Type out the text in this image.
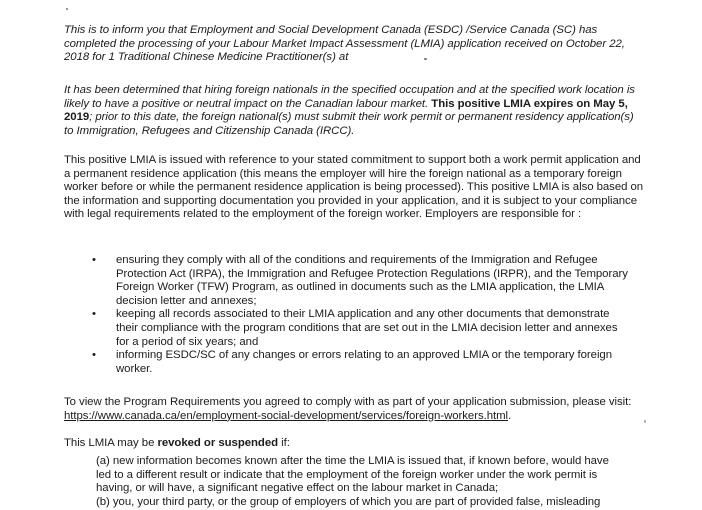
This is to inform you that Employment and Social Development Canada (ESDC) /Service Canada (SC) has completed the processing of your Labour Market Impact Assessment (LMIA) application received on October 22, 2018 for 1 Traditional Chinese Medicine Practitioner(s) at

It has been determined that hiring foreign nationals in the specified occupation and at the specified work location is likely to have a positive or neutral impact on the Canadian labour market. This positive LMIA expires on May 5, 2019; prior to this date, the foreign national(s) must submit their work permit or permanent residency application(s) to Immigration, Refugees and Citizenship Canada (IRCC).

This positive LMIA is issued with reference to your stated commitment to support both a work permit application and a permanent residence application (this means the employer will hire the foreign national as a temporary foreign worker before or while the permanent residence application is being processed). This positive LMIA is also based on the information and supporting documentation you provided in your application, and it is subject to your compliance with legal requirements related to the employment of the foreign worker. Employers are responsible for :

• ensuring they comply with all of the conditions and requirements of the Immigration and Refugee Protection Act (IRPA), the Immigration and Refugee Protection Regulations (IRPR), and the Temporary Foreign Worker (TFW) Program, as outlined in documents such as the LMIA application, the LMIA decision letter and annexes;
• keeping all records associated to their LMIA application and any other documents that demonstrate their compliance with the program conditions that are set out in the LMIA decision letter and annexes for a period of six years; and
• informing ESDC/SC of any changes or errors relating to an approved LMIA or the temporary foreign worker.

To view the Program Requirements you agreed to comply with as part of your application submission, please visit: https://www.canada.ca/en/employment-social-development/services/foreign-workers.html.

This LMIA may be revoked or suspended if:

(a) new information becomes known after the time the LMIA is issued that, if known before, would have led to a different result or indicate that the employment of the foreign worker under the work permit is having, or will have, a significant negative effect on the labour market in Canada;

(b) you, your third party, or the group of employers of which you are part of provided false, misleading
